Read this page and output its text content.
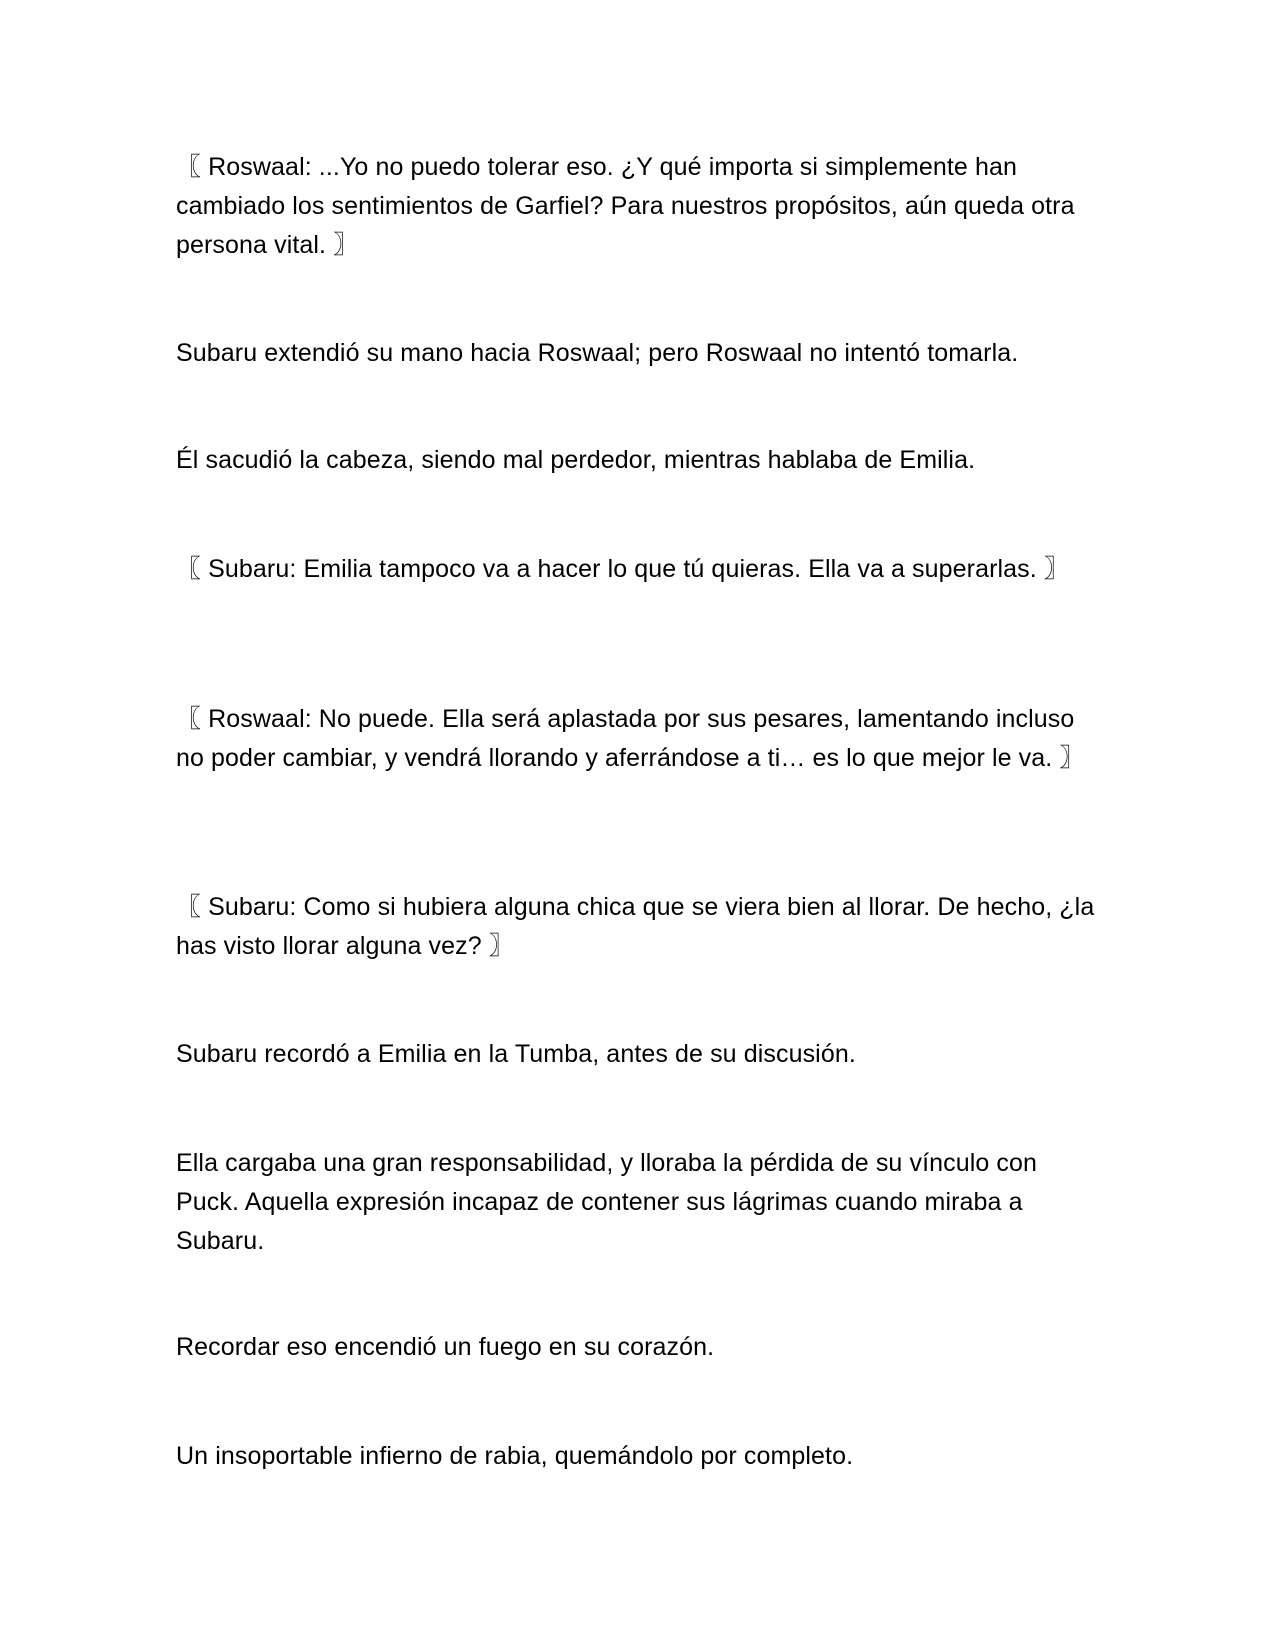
〖 Roswaal: ...Yo no puedo tolerar eso. ¿Y qué importa si simplemente han cambiado los sentimientos de Garfiel? Para nuestros propósitos, aún queda otra persona vital. 〗

Subaru extendió su mano hacia Roswaal; pero Roswaal no intentó tomarla.

Él sacudió la cabeza, siendo mal perdedor, mientras hablaba de Emilia.

〖 Subaru: Emilia tampoco va a hacer lo que tú quieras. Ella va a superarlas. 〗

〖 Roswaal: No puede. Ella será aplastada por sus pesares, lamentando incluso no poder cambiar, y vendrá llorando y aferrándose a ti… es lo que mejor le va. 〗

〖 Subaru: Como si hubiera alguna chica que se viera bien al llorar. De hecho, ¿la has visto llorar alguna vez? 〗

Subaru recordó a Emilia en la Tumba, antes de su discusión.

Ella cargaba una gran responsabilidad, y lloraba la pérdida de su vínculo con Puck. Aquella expresión incapaz de contener sus lágrimas cuando miraba a Subaru.

Recordar eso encendió un fuego en su corazón.

Un insoportable infierno de rabia, quemándolo por completo.
